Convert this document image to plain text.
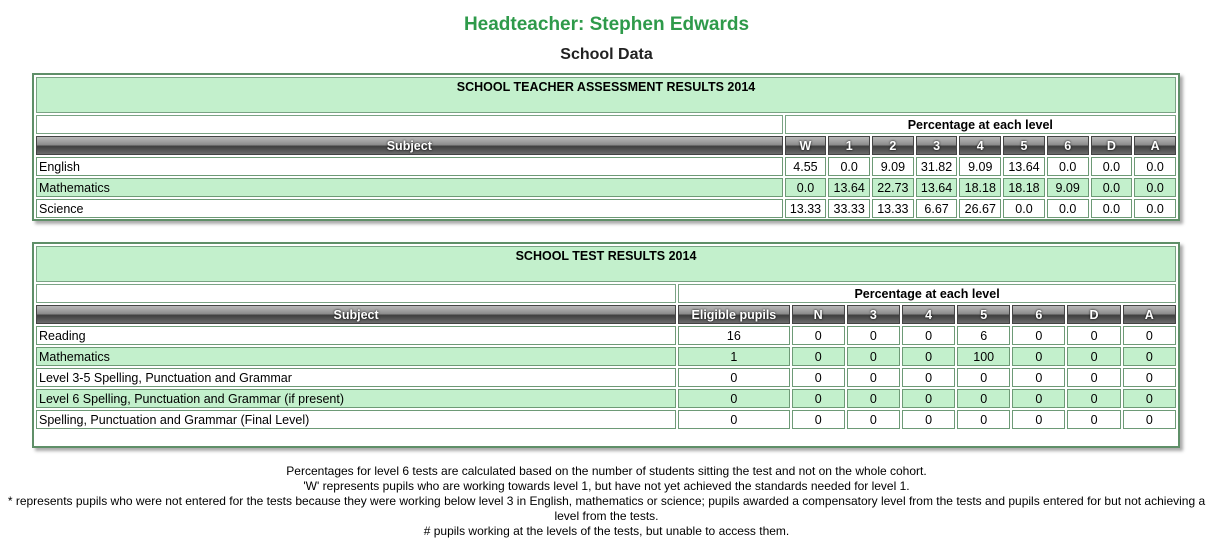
Headteacher: Stephen Edwards
School Data
SCHOOL TEACHER ASSESSMENT RESULTS 2014									

	Percentage at each level								
Subject	W	1	2	3	4	5	6	D	A
English	4.55	0.0	9.09	31.82	9.09	13.64	0.0	0.0	0.0
Mathematics	0.0	13.64	22.73	13.64	18.18	18.18	9.09	0.0	0.0
Science	13.33	33.33	13.33	6.67	26.67	0.0	0.0	0.0	0.0
SCHOOL TEST RESULTS 2014								

	Percentage at each level							
Subject	Eligible pupils	N	3	4	5	6	D	A
Reading	16	0	0	0	6	0	0	0
Mathematics	1	0	0	0	100	0	0	0
Level 3-5 Spelling, Punctuation and Grammar	0	0	0	0	0	0	0	0
Level 6 Spelling, Punctuation and Grammar (if present)	0	0	0	0	0	0	0	0
Spelling, Punctuation and Grammar (Final Level)	0	0	0	0	0	0	0	0
Percentages for level 6 tests are calculated based on the number of students sitting the test and not on the whole cohort.
'W' represents pupils who are working towards level 1, but have not yet achieved the standards needed for level 1.
* represents pupils who were not entered for the tests because they were working below level 3 in English, mathematics or science; pupils awarded a compensatory level from the tests and pupils entered for but not achieving a level from the tests.
# pupils working at the levels of the tests, but unable to access them.
